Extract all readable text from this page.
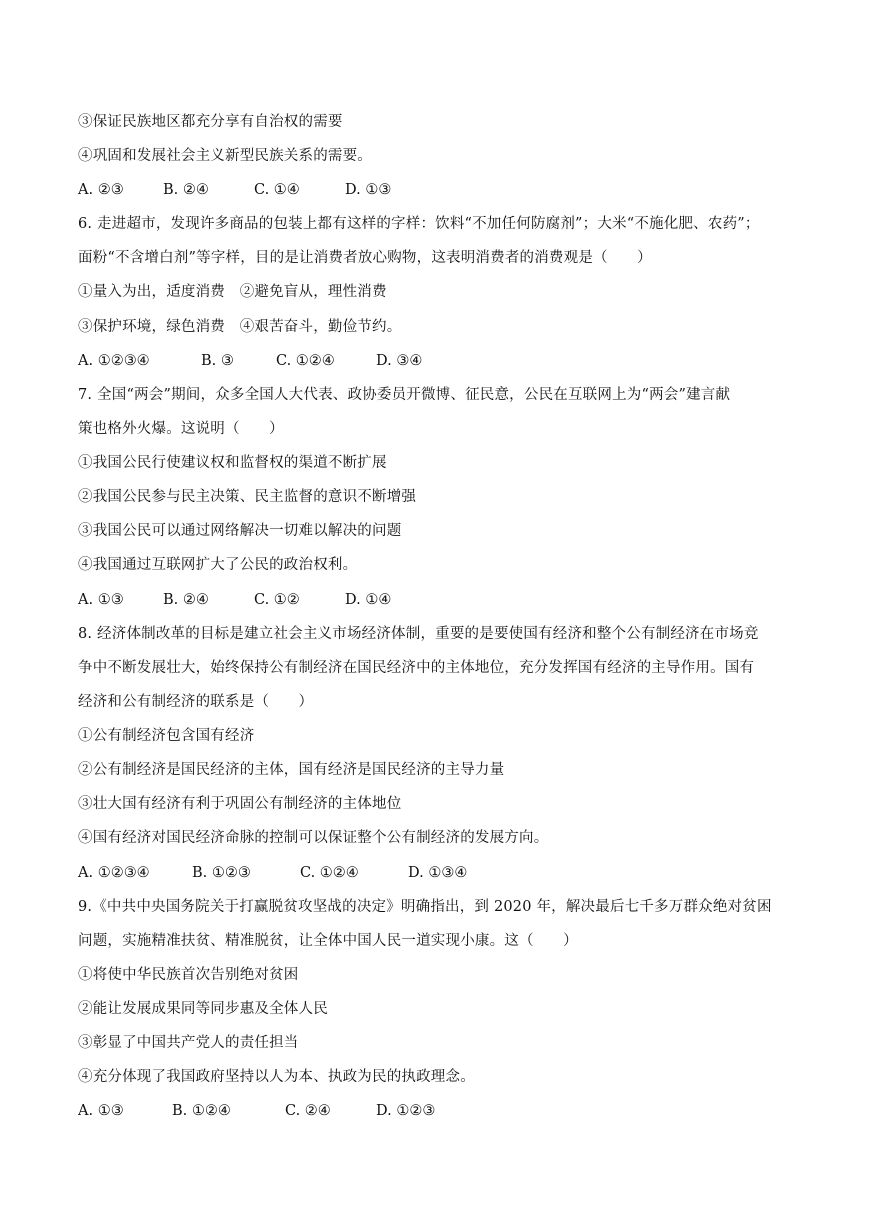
③保证民族地区都充分享有自治权的需要
④巩固和发展社会主义新型民族关系的需要。
A. ②③	B. ②④	C. ①④	D. ①③
6. 走进超市，发现许多商品的包装上都有这样的字样：饮料“不加任何防腐剂”；大米“不施化肥、农药”；
面粉“不含增白剂”等字样，目的是让消费者放心购物，这表明消费者的消费观是（　　）
①量入为出，适度消费　②避免盲从，理性消费
③保护环境，绿色消费　④艰苦奋斗，勤俭节约。
A. ①②③④	B. ③	C. ①②④	D. ③④
7. 全国“两会”期间，众多全国人大代表、政协委员开微博、征民意，公民在互联网上为“两会”建言献
策也格外火爆。这说明（　　）
①我国公民行使建议权和监督权的渠道不断扩展
②我国公民参与民主决策、民主监督的意识不断增强
③我国公民可以通过网络解决一切难以解决的问题
④我国通过互联网扩大了公民的政治权利。
A. ①③	B. ②④	C. ①②	D. ①④
8. 经济体制改革的目标是建立社会主义市场经济体制，重要的是要使国有经济和整个公有制经济在市场竞
争中不断发展壮大，始终保持公有制经济在国民经济中的主体地位，充分发挥国有经济的主导作用。国有
经济和公有制经济的联系是（　　）
①公有制经济包含国有经济
②公有制经济是国民经济的主体，国有经济是国民经济的主导力量
③壮大国有经济有利于巩固公有制经济的主体地位
④国有经济对国民经济命脉的控制可以保证整个公有制经济的发展方向。
A. ①②③④	B. ①②③	C. ①②④	D. ①③④
9.《中共中央国务院关于打赢脱贫攻坚战的决定》明确指出，到 2020 年，解决最后七千多万群众绝对贫困
问题，实施精准扶贫、精准脱贫，让全体中国人民一道实现小康。这（　　）
①将使中华民族首次告别绝对贫困
②能让发展成果同等同步惠及全体人民
③彰显了中国共产党人的责任担当
④充分体现了我国政府坚持以人为本、执政为民的执政理念。
A. ①③	B. ①②④	C. ②④	D. ①②③
